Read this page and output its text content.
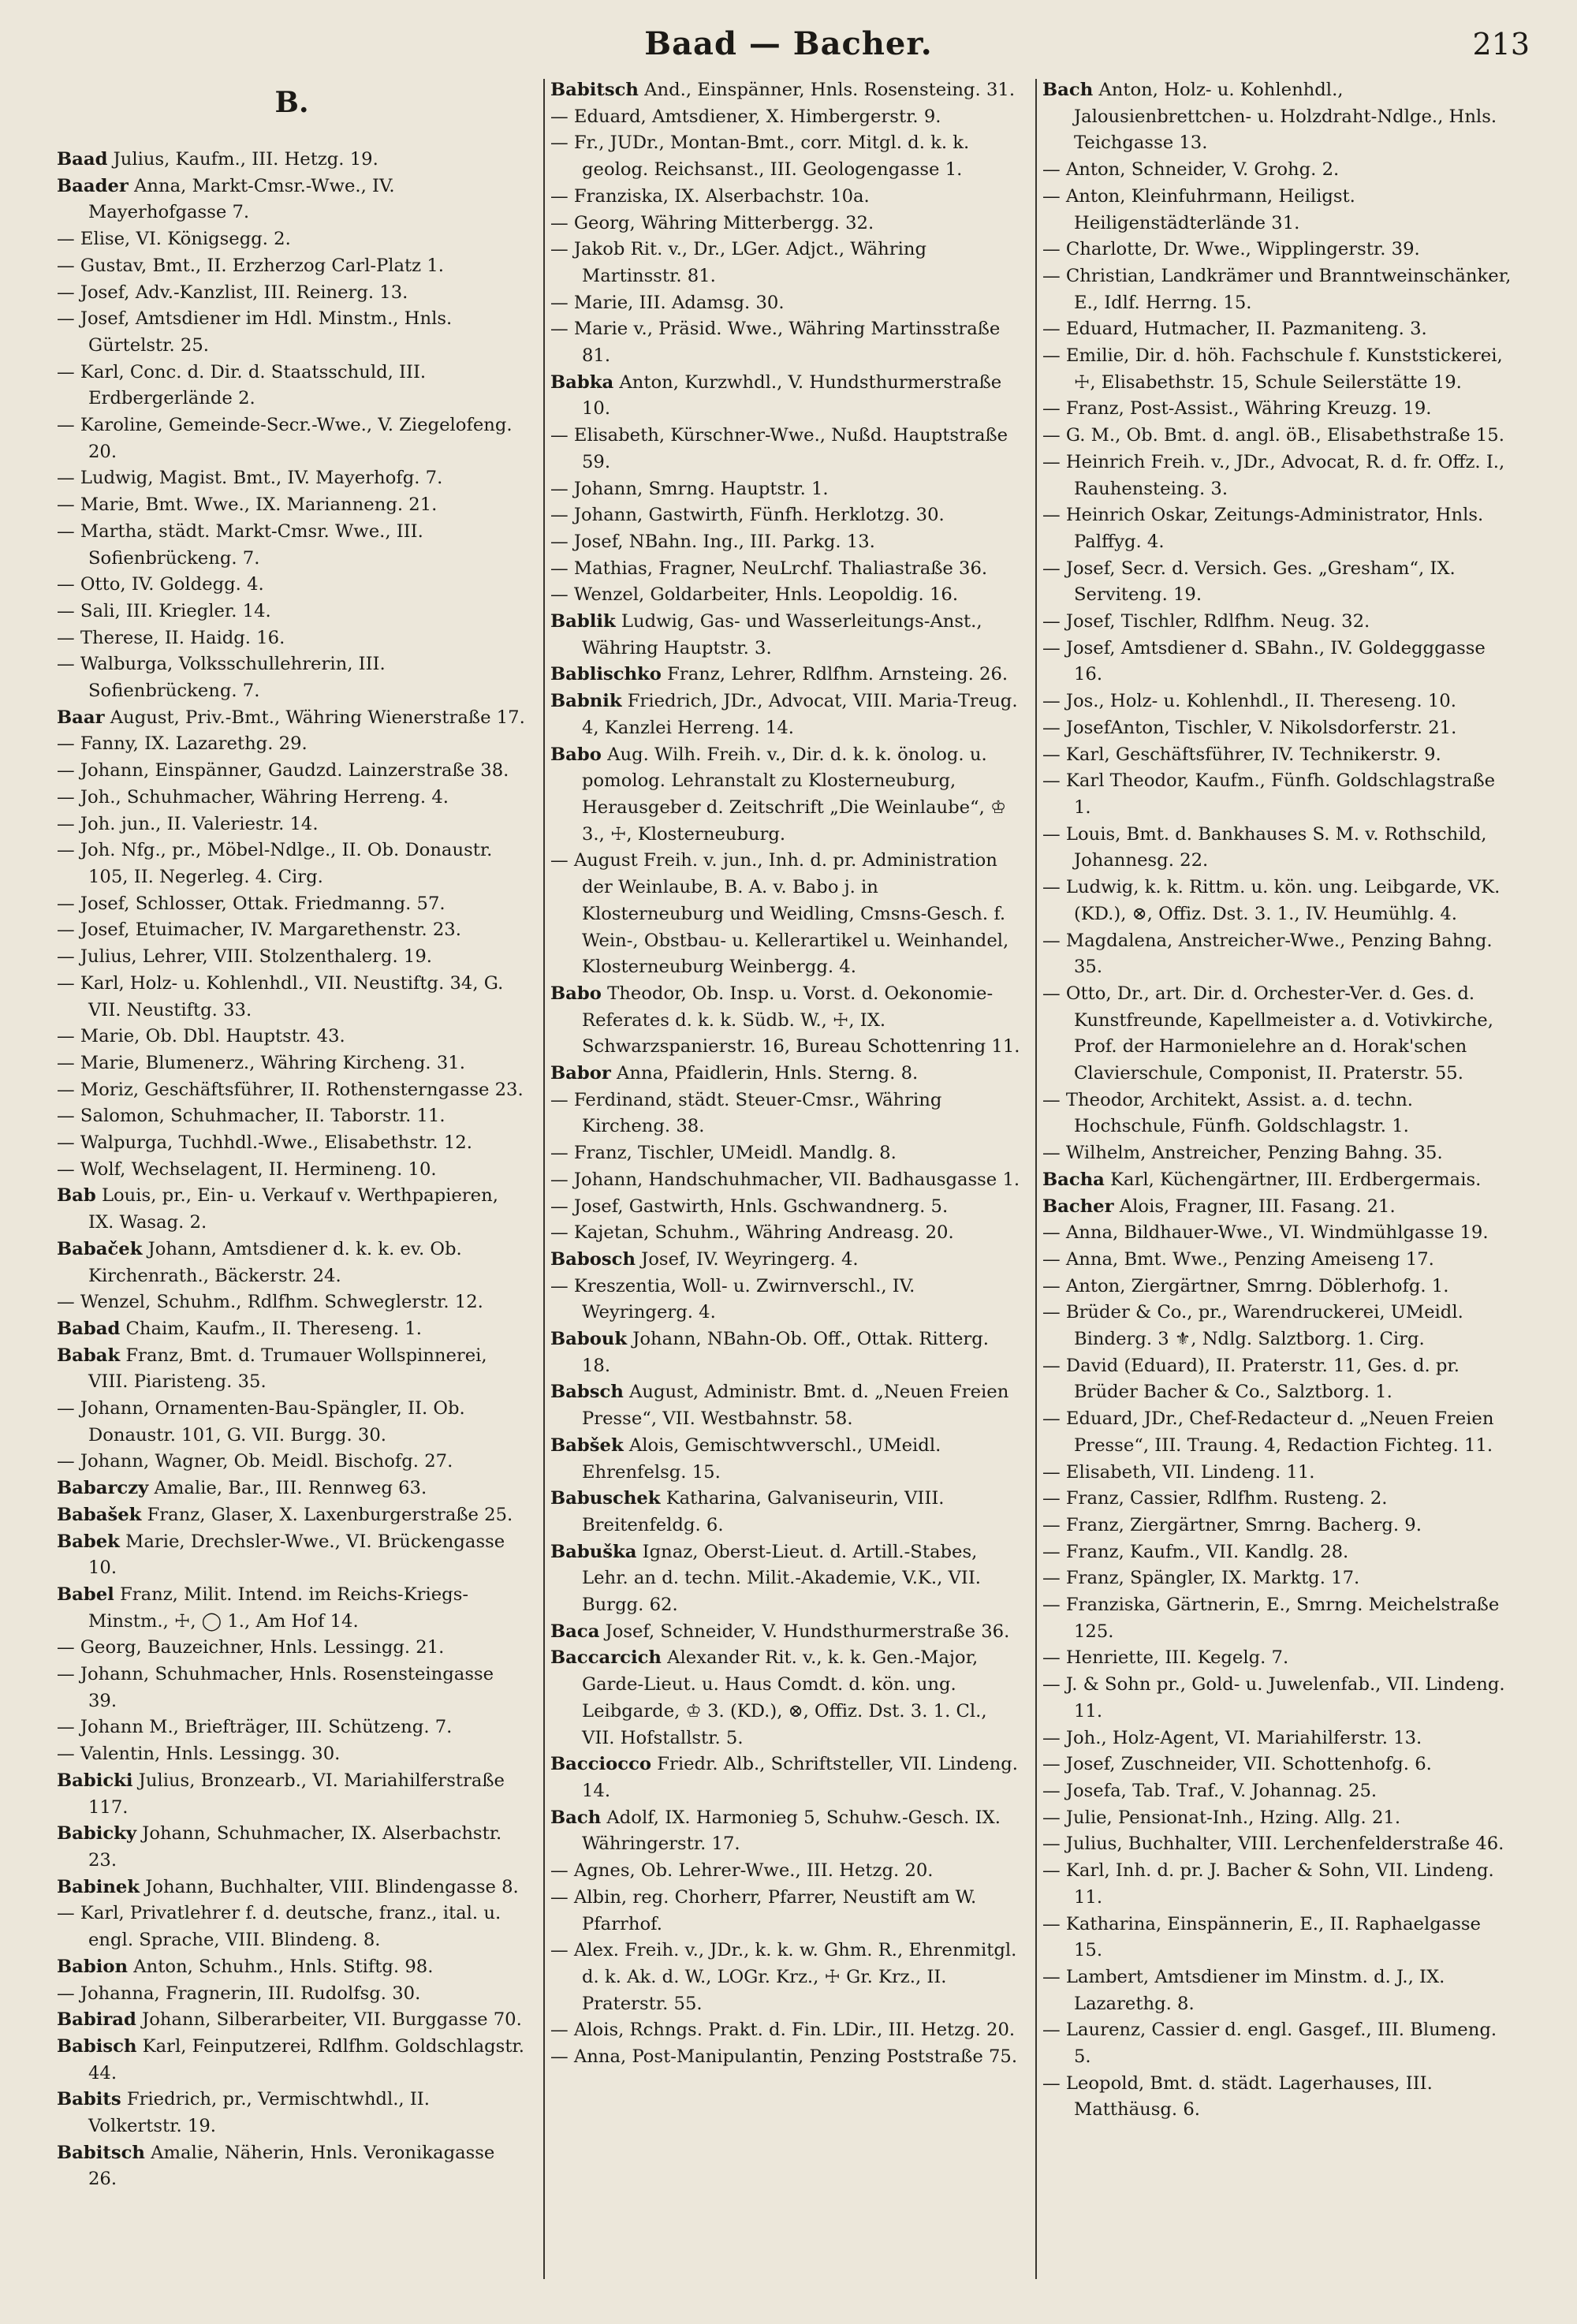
Baad — Bacher.	213
B.
Baad Julius, Kaufm., III. Hetzg. 19.
Baader Anna, Markt-Cmsr.-Wwe., IV. Mayerhofgasse 7.
— Elise, VI. Königsegg. 2.
— Gustav, Bmt., II. Erzherzog Carl-Platz 1.
— Josef, Adv.-Kanzlist, III. Reinerg. 13.
— Josef, Amtsdiener im Hdl. Minstm., Hnls. Gürtelstr. 25.
— Karl, Conc. d. Dir. d. Staatsschuld, III. Erdbergerlände 2.
— Karoline, Gemeinde-Secr.-Wwe., V. Ziegelofeng. 20.
— Ludwig, Magist. Bmt., IV. Mayerhofg. 7.
— Marie, Bmt. Wwe., IX. Marianneng. 21.
— Martha, städt. Markt-Cmsr. Wwe., III. Sofienbrückeng. 7.
— Otto, IV. Goldegg. 4.
— Sali, III. Kriegler. 14.
— Therese, II. Haidg. 16.
— Walburga, Volksschullehrerin, III. Sofienbrückeng. 7.
Baar August, Priv.-Bmt., Währing Wienerstraße 17.
— Fanny, IX. Lazarethg. 29.
— Johann, Einspänner, Gaudzd. Lainzerstraße 38.
— Joh., Schuhmacher, Währing Herreng. 4.
— Joh. jun., II. Valeriestr. 14.
— Joh. Nfg., pr., Möbel-Ndlge., II. Ob. Donaustr. 105, II. Negerleg. 4. Cirg.
— Josef, Schlosser, Ottak. Friedmanng. 57.
— Josef, Etuimacher, IV. Margarethenstr. 23.
— Julius, Lehrer, VIII. Stolzenthalerg. 19.
— Karl, Holz- u. Kohlenhdl., VII. Neustiftg. 34, G. VII. Neustiftg. 33.
— Marie, Ob. Dbl. Hauptstr. 43.
— Marie, Blumenerz., Währing Kircheng. 31.
— Moriz, Geschäftsführer, II. Rothensterngasse 23.
— Salomon, Schuhmacher, II. Taborstr. 11.
— Walpurga, Tuchhdl.-Wwe., Elisabethstr. 12.
— Wolf, Wechselagent, II. Hermineng. 10.
Bab Louis, pr., Ein- u. Verkauf v. Werthpapieren, IX. Wasag. 2.
Babaček Johann, Amtsdiener d. k. k. ev. Ob. Kirchenrath., Bäckerstr. 24.
— Wenzel, Schuhm., Rdlfhm. Schweglerstr. 12.
Babad Chaim, Kaufm., II. Thereseng. 1.
Babak Franz, Bmt. d. Trumauer Wollspinnerei, VIII. Piaristeng. 35.
— Johann, Ornamenten-Bau-Spängler, II. Ob. Donaustr. 101, G. VII. Burgg. 30.
— Johann, Wagner, Ob. Meidl. Bischofg. 27.
Babarczy Amalie, Bar., III. Rennweg 63.
Babašek Franz, Glaser, X. Laxenburgerstraße 25.
Babek Marie, Drechsler-Wwe., VI. Brückengasse 10.
Babel Franz, Milit. Intend. im Reichs-Kriegs-Minstm., ☩, ◯ 1., Am Hof 14.
— Georg, Bauzeichner, Hnls. Lessingg. 21.
— Johann, Schuhmacher, Hnls. Rosensteingasse 39.
— Johann M., Briefträger, III. Schützeng. 7.
— Valentin, Hnls. Lessingg. 30.
Babicki Julius, Bronzearb., VI. Mariahilferstraße 117.
Babicky Johann, Schuhmacher, IX. Alserbachstr. 23.
Babinek Johann, Buchhalter, VIII. Blindengasse 8.
— Karl, Privatlehrer f. d. deutsche, franz., ital. u. engl. Sprache, VIII. Blindeng. 8.
Babion Anton, Schuhm., Hnls. Stiftg. 98.
— Johanna, Fragnerin, III. Rudolfsg. 30.
Babirad Johann, Silberarbeiter, VII. Burggasse 70.
Babisch Karl, Feinputzerei, Rdlfhm. Goldschlagstr. 44.
Babits Friedrich, pr., Vermischtwhdl., II. Volkertstr. 19.
Babitsch Amalie, Näherin, Hnls. Veronikagasse 26.
Babitsch And., Einspänner, Hnls. Rosensteing. 31.
— Eduard, Amtsdiener, X. Himbergerstr. 9.
— Fr., JUDr., Montan-Bmt., corr. Mitgl. d. k. k. geolog. Reichsanst., III. Geologengasse 1.
— Franziska, IX. Alserbachstr. 10a.
— Georg, Währing Mitterbergg. 32.
— Jakob Rit. v., Dr., LGer. Adjct., Währing Martinsstr. 81.
— Marie, III. Adamsg. 30.
— Marie v., Präsid. Wwe., Währing Martinsstraße 81.
Babka Anton, Kurzwhdl., V. Hundsthurmerstraße 10.
— Elisabeth, Kürschner-Wwe., Nußd. Hauptstraße 59.
— Johann, Smrng. Hauptstr. 1.
— Johann, Gastwirth, Fünfh. Herklotzg. 30.
— Josef, NBahn. Ing., III. Parkg. 13.
— Mathias, Fragner, NeuLrchf. Thaliastraße 36.
— Wenzel, Goldarbeiter, Hnls. Leopoldig. 16.
Bablik Ludwig, Gas- und Wasserleitungs-Anst., Währing Hauptstr. 3.
Bablischko Franz, Lehrer, Rdlfhm. Arnsteing. 26.
Babnik Friedrich, JDr., Advocat, VIII. Maria-Treug. 4, Kanzlei Herreng. 14.
Babo Aug. Wilh. Freih. v., Dir. d. k. k. önolog. u. pomolog. Lehranstalt zu Klosterneuburg, Herausgeber d. Zeitschrift „Die Weinlaube“, ♔ 3., ☩, Klosterneuburg.
— August Freih. v. jun., Inh. d. pr. Administration der Weinlaube, B. A. v. Babo j. in Klosterneuburg und Weidling, Cmsns-Gesch. f. Wein-, Obstbau- u. Kellerartikel u. Weinhandel, Klosterneuburg Weinbergg. 4.
Babo Theodor, Ob. Insp. u. Vorst. d. Oekonomie-Referates d. k. k. Südb. W., ☩, IX. Schwarzspanierstr. 16, Bureau Schottenring 11.
Babor Anna, Pfaidlerin, Hnls. Sterng. 8.
— Ferdinand, städt. Steuer-Cmsr., Währing Kircheng. 38.
— Franz, Tischler, UMeidl. Mandlg. 8.
— Johann, Handschuhmacher, VII. Badhausgasse 1.
— Josef, Gastwirth, Hnls. Gschwandnerg. 5.
— Kajetan, Schuhm., Währing Andreasg. 20.
Babosch Josef, IV. Weyringerg. 4.
— Kreszentia, Woll- u. Zwirnverschl., IV. Weyringerg. 4.
Babouk Johann, NBahn-Ob. Off., Ottak. Ritterg. 18.
Babsch August, Administr. Bmt. d. „Neuen Freien Presse“, VII. Westbahnstr. 58.
Babšek Alois, Gemischtwverschl., UMeidl. Ehrenfelsg. 15.
Babuschek Katharina, Galvaniseurin, VIII. Breitenfeldg. 6.
Babuška Ignaz, Oberst-Lieut. d. Artill.-Stabes, Lehr. an d. techn. Milit.-Akademie, V.K., VII. Burgg. 62.
Baca Josef, Schneider, V. Hundsthurmerstraße 36.
Baccarcich Alexander Rit. v., k. k. Gen.-Major, Garde-Lieut. u. Haus Comdt. d. kön. ung. Leibgarde, ♔ 3. (KD.), ⊗, Offiz. Dst. 3. 1. Cl., VII. Hofstallstr. 5.
Bacciocco Friedr. Alb., Schriftsteller, VII. Lindeng. 14.
Bach Adolf, IX. Harmonieg 5, Schuhw.-Gesch. IX. Währingerstr. 17.
— Agnes, Ob. Lehrer-Wwe., III. Hetzg. 20.
— Albin, reg. Chorherr, Pfarrer, Neustift am W. Pfarrhof.
— Alex. Freih. v., JDr., k. k. w. Ghm. R., Ehrenmitgl. d. k. Ak. d. W., LOGr. Krz., ☩ Gr. Krz., II. Praterstr. 55.
— Alois, Rchngs. Prakt. d. Fin. LDir., III. Hetzg. 20.
— Anna, Post-Manipulantin, Penzing Poststraße 75.
Bach Anton, Holz- u. Kohlenhdl., Jalousienbrettchen- u. Holzdraht-Ndlge., Hnls. Teichgasse 13.
— Anton, Schneider, V. Grohg. 2.
— Anton, Kleinfuhrmann, Heiligst. Heiligenstädterlände 31.
— Charlotte, Dr. Wwe., Wipplingerstr. 39.
— Christian, Landkrämer und Branntweinschänker, E., Idlf. Herrng. 15.
— Eduard, Hutmacher, II. Pazmaniteng. 3.
— Emilie, Dir. d. höh. Fachschule f. Kunststickerei, ☩, Elisabethstr. 15, Schule Seilerstätte 19.
— Franz, Post-Assist., Währing Kreuzg. 19.
— G. M., Ob. Bmt. d. angl. öB., Elisabethstraße 15.
— Heinrich Freih. v., JDr., Advocat, R. d. fr. Offz. I., Rauhensteing. 3.
— Heinrich Oskar, Zeitungs-Administrator, Hnls. Palffyg. 4.
— Josef, Secr. d. Versich. Ges. „Gresham“, IX. Serviteng. 19.
— Josef, Tischler, Rdlfhm. Neug. 32.
— Josef, Amtsdiener d. SBahn., IV. Goldegggasse 16.
— Jos., Holz- u. Kohlenhdl., II. Thereseng. 10.
— JosefAnton, Tischler, V. Nikolsdorferstr. 21.
— Karl, Geschäftsführer, IV. Technikerstr. 9.
— Karl Theodor, Kaufm., Fünfh. Goldschlagstraße 1.
— Louis, Bmt. d. Bankhauses S. M. v. Rothschild, Johannesg. 22.
— Ludwig, k. k. Rittm. u. kön. ung. Leibgarde, VK. (KD.), ⊗, Offiz. Dst. 3. 1., IV. Heumühlg. 4.
— Magdalena, Anstreicher-Wwe., Penzing Bahng. 35.
— Otto, Dr., art. Dir. d. Orchester-Ver. d. Ges. d. Kunstfreunde, Kapellmeister a. d. Votivkirche, Prof. der Harmonielehre an d. Horak'schen Clavierschule, Componist, II. Praterstr. 55.
— Theodor, Architekt, Assist. a. d. techn. Hochschule, Fünfh. Goldschlagstr. 1.
— Wilhelm, Anstreicher, Penzing Bahng. 35.
Bacha Karl, Küchengärtner, III. Erdbergermais.
Bacher Alois, Fragner, III. Fasang. 21.
— Anna, Bildhauer-Wwe., VI. Windmühlgasse 19.
— Anna, Bmt. Wwe., Penzing Ameiseng 17.
— Anton, Ziergärtner, Smrng. Döblerhofg. 1.
— Brüder & Co., pr., Warendruckerei, UMeidl. Binderg. 3 ⚜, Ndlg. Salztborg. 1. Cirg.
— David (Eduard), II. Praterstr. 11, Ges. d. pr. Brüder Bacher & Co., Salztborg. 1.
— Eduard, JDr., Chef-Redacteur d. „Neuen Freien Presse“, III. Traung. 4, Redaction Fichteg. 11.
— Elisabeth, VII. Lindeng. 11.
— Franz, Cassier, Rdlfhm. Rusteng. 2.
— Franz, Ziergärtner, Smrng. Bacherg. 9.
— Franz, Kaufm., VII. Kandlg. 28.
— Franz, Spängler, IX. Marktg. 17.
— Franziska, Gärtnerin, E., Smrng. Meichelstraße 125.
— Henriette, III. Kegelg. 7.
— J. & Sohn pr., Gold- u. Juwelenfab., VII. Lindeng. 11.
— Joh., Holz-Agent, VI. Mariahilferstr. 13.
— Josef, Zuschneider, VII. Schottenhofg. 6.
— Josefa, Tab. Traf., V. Johannag. 25.
— Julie, Pensionat-Inh., Hzing. Allg. 21.
— Julius, Buchhalter, VIII. Lerchenfelderstraße 46.
— Karl, Inh. d. pr. J. Bacher & Sohn, VII. Lindeng. 11.
— Katharina, Einspännerin, E., II. Raphaelgasse 15.
— Lambert, Amtsdiener im Minstm. d. J., IX. Lazarethg. 8.
— Laurenz, Cassier d. engl. Gasgef., III. Blumeng. 5.
— Leopold, Bmt. d. städt. Lagerhauses, III. Matthäusg. 6.
